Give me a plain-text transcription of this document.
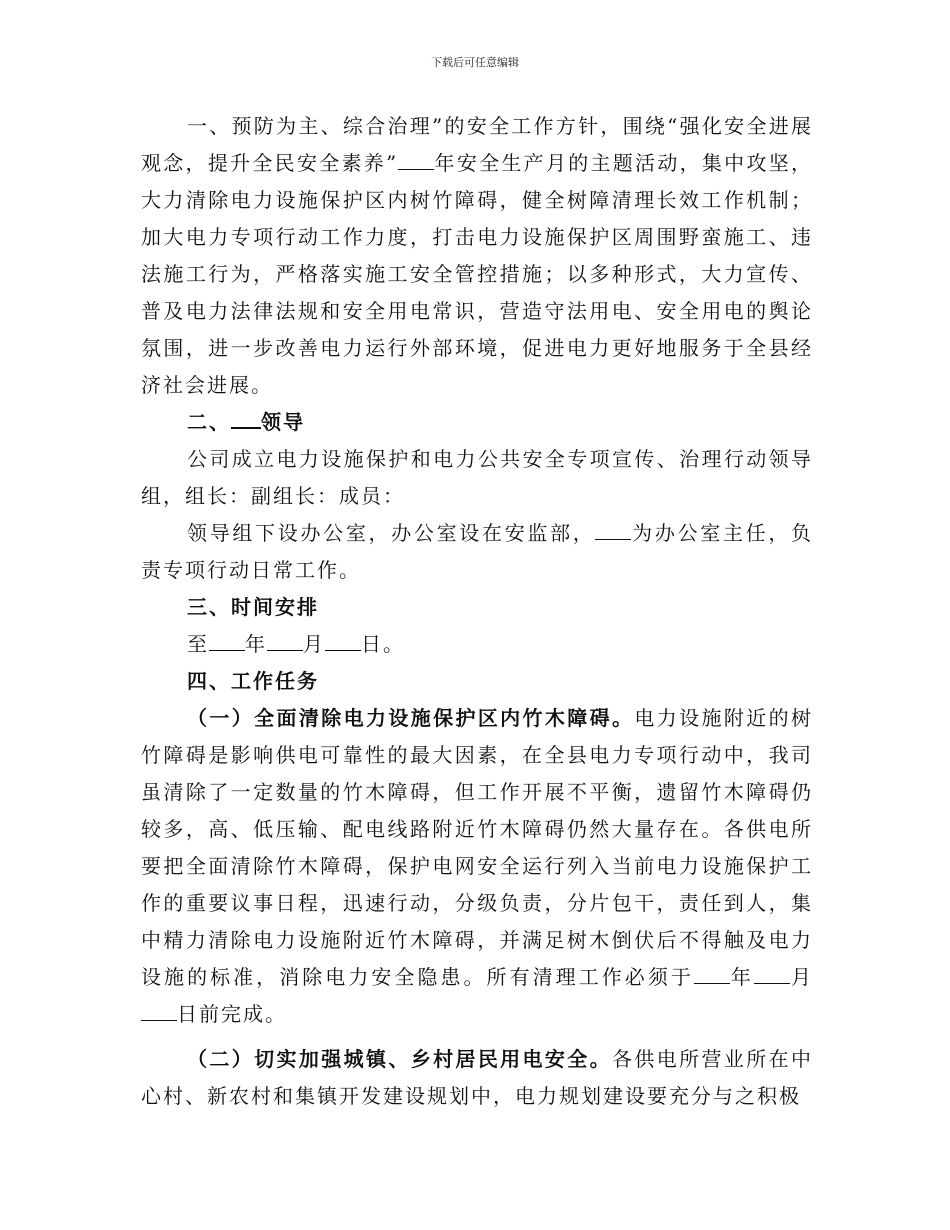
下载后可任意编辑

一、预防为主、综合治理”的安全工作方针，围绕“强化安全进展观念，提升全民安全素养” 年安全生产月的主题活动，集中攻坚，大力清除电力设施保护区内树竹障碍，健全树障清理长效工作机制；加大电力专项行动工作力度，打击电力设施保护区周围野蛮施工、违法施工行为，严格落实施工安全管控措施；以多种形式，大力宣传、普及电力法律法规和安全用电常识，营造守法用电、安全用电的舆论氛围，进一步改善电力运行外部环境，促进电力更好地服务于全县经济社会进展。

二、 领导

公司成立电力设施保护和电力公共安全专项宣传、治理行动领导组，组长：副组长：成员：

领导组下设办公室，办公室设在安监部， 为办公室主任，负责专项行动日常工作。

三、时间安排

至 年 月 日。

四、工作任务

（一）全面清除电力设施保护区内竹木障碍。电力设施附近的树竹障碍是影响供电可靠性的最大因素，在全县电力专项行动中，我司虽清除了一定数量的竹木障碍，但工作开展不平衡，遗留竹木障碍仍较多，高、低压输、配电线路附近竹木障碍仍然大量存在。各供电所要把全面清除竹木障碍，保护电网安全运行列入当前电力设施保护工作的重要议事日程，迅速行动，分级负责，分片包干，责任到人，集中精力清除电力设施附近竹木障碍，并满足树木倒伏后不得触及电力设施的标准，消除电力安全隐患。所有清理工作必须于 年 月日前完成。

（二）切实加强城镇、乡村居民用电安全。各供电所营业所在中心村、新农村和集镇开发建设规划中，电力规划建设要充分与之积极
